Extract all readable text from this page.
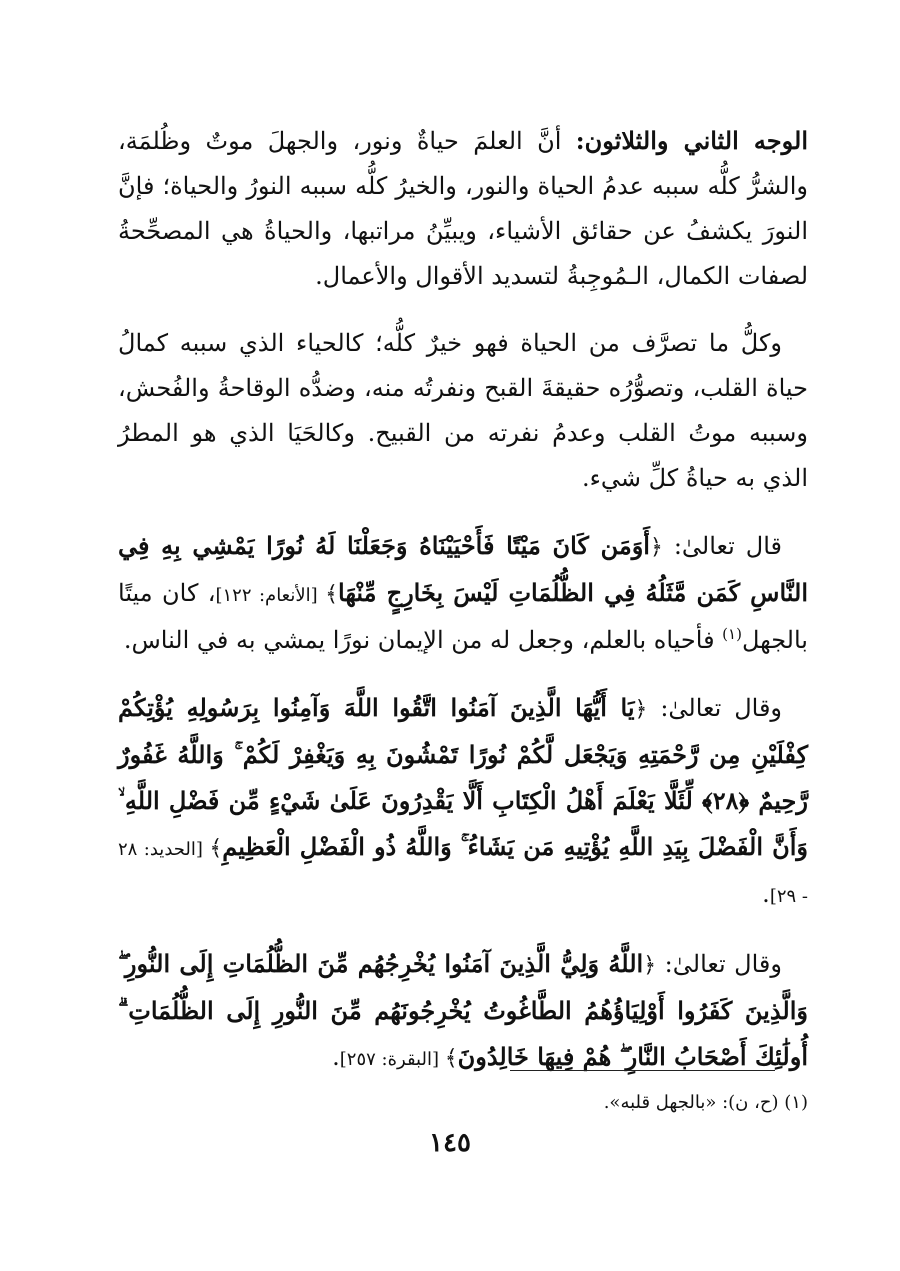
الوجه الثاني والثلاثون: أنَّ العلمَ حياةٌ ونور، والجهلَ موتٌ وظُلمَة، والشرُّ كلُّه سببه عدمُ الحياة والنور، والخيرُ كلُّه سببه النورُ والحياة؛ فإنَّ النورَ يكشفُ عن حقائق الأشياء، ويبيِّنُ مراتبها، والحياةُ هي المصحِّحةُ لصفات الكمال، الـمُوجِبةُ لتسديد الأقوال والأعمال.

وكلُّ ما تصرَّف من الحياة فهو خيرٌ كلُّه؛ كالحياء الذي سببه كمالُ حياة القلب، وتصوُّرُه حقيقةَ القبح ونفرتُه منه، وضدُّه الوقاحةُ والفُحش، وسببه موتُ القلب وعدمُ نفرته من القبيح. وكالحَيَا الذي هو المطرُ الذي به حياةُ كلِّ شيء.

قال تعالىٰ: ﴿أَوَمَن كَانَ مَيْتًا فَأَحْيَيْنَاهُ وَجَعَلْنَا لَهُ نُورًا يَمْشِي بِهِ فِي النَّاسِ كَمَن مَّثَلُهُ فِي الظُّلُمَاتِ لَيْسَ بِخَارِجٍ مِّنْهَا﴾ [الأنعام: ١٢٢]، كان ميتًا بالجهل$^{(١)}$ فأحياه بالعلم، وجعل له من الإيمان نورًا يمشي به في الناس.

وقال تعالىٰ: ﴿يَا أَيُّهَا الَّذِينَ آمَنُوا اتَّقُوا اللَّهَ وَآمِنُوا بِرَسُولِهِ يُؤْتِكُمْ كِفْلَيْنِ مِن رَّحْمَتِهِ وَيَجْعَل لَّكُمْ نُورًا تَمْشُونَ بِهِ وَيَغْفِرْ لَكُمْ ۚ وَاللَّهُ غَفُورٌ رَّحِيمٌ ﴿٢٨﴾ لِّئَلَّا يَعْلَمَ أَهْلُ الْكِتَابِ أَلَّا يَقْدِرُونَ عَلَىٰ شَيْءٍ مِّن فَضْلِ اللَّهِ ۙ وَأَنَّ الْفَضْلَ بِيَدِ اللَّهِ يُؤْتِيهِ مَن يَشَاءُ ۚ وَاللَّهُ ذُو الْفَضْلِ الْعَظِيمِ﴾ [الحديد: ٢٨ - ٢٩].

وقال تعالىٰ: ﴿اللَّهُ وَلِيُّ الَّذِينَ آمَنُوا يُخْرِجُهُم مِّنَ الظُّلُمَاتِ إِلَى النُّورِ ۖ وَالَّذِينَ كَفَرُوا أَوْلِيَاؤُهُمُ الطَّاغُوتُ يُخْرِجُونَهُم مِّنَ النُّورِ إِلَى الظُّلُمَاتِ ۗ أُولَٰئِكَ أَصْحَابُ النَّارِ ۖ هُمْ فِيهَا خَالِدُونَ﴾ [البقرة: ٢٥٧].

(١) (ح، ن): «بالجهل قلبه».
١٤٥
